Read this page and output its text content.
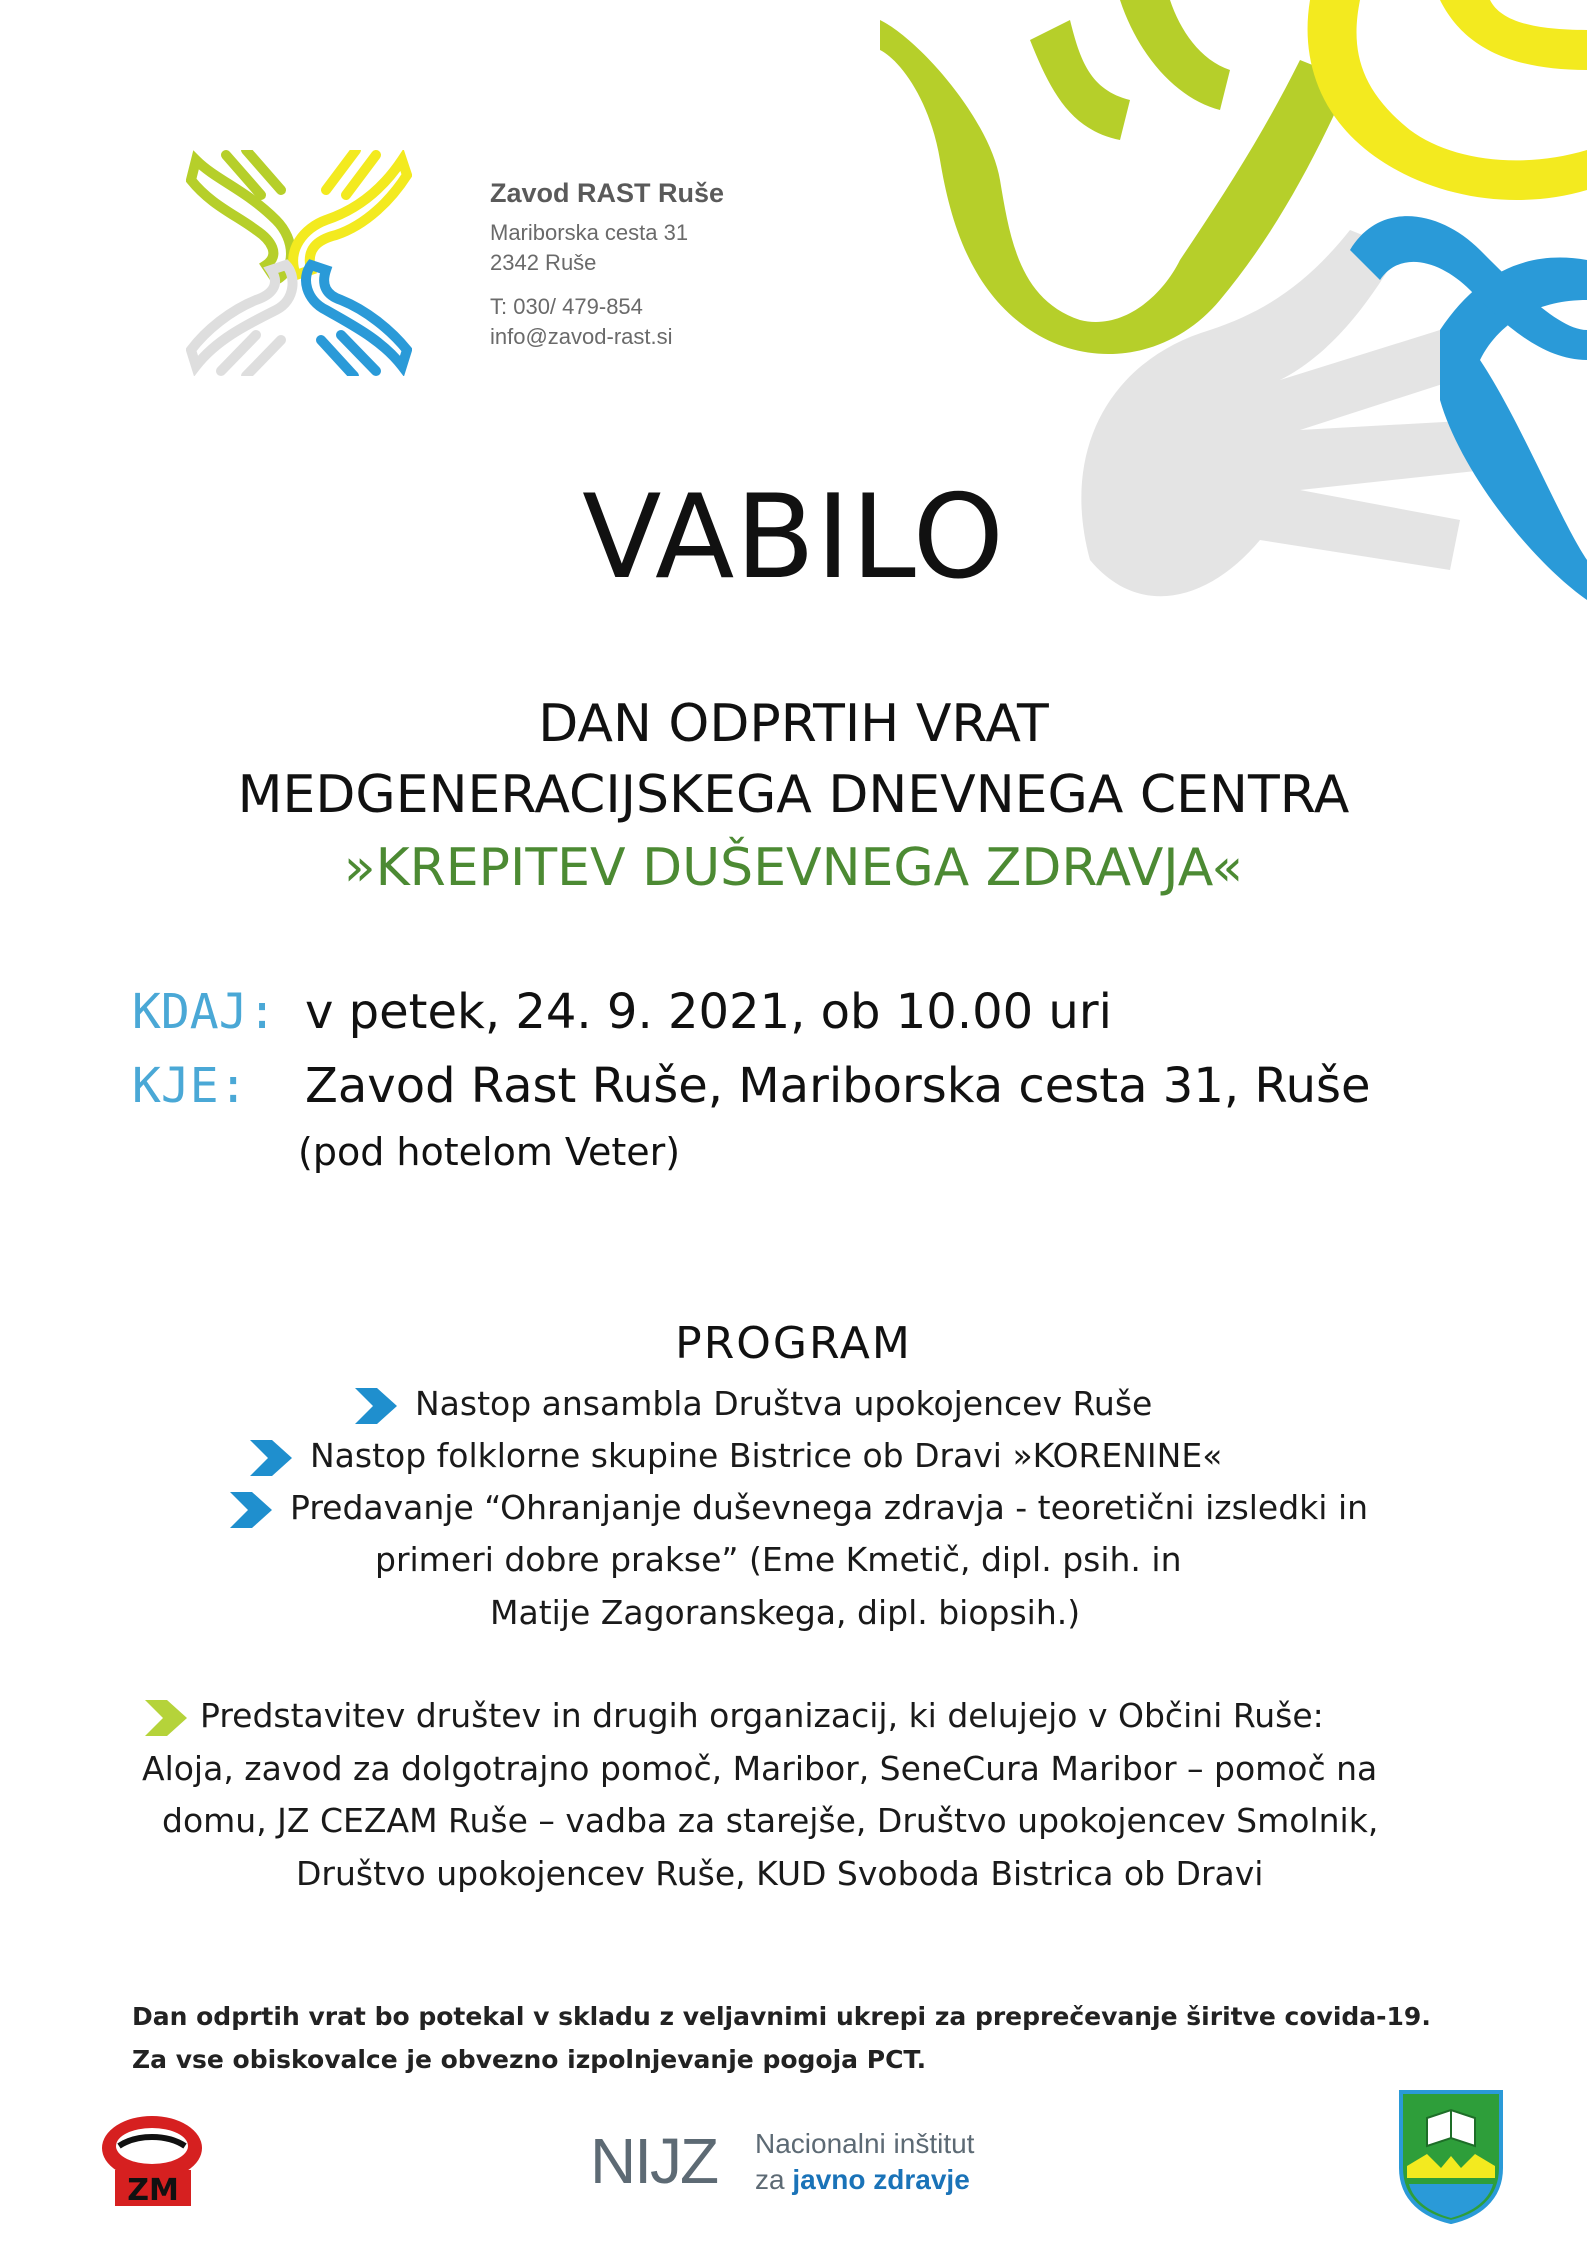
Zavod RAST Ruše
Mariborska cesta 31
2342 Ruše
T: 030/ 479-854
info@zavod-rast.si
VABILO
DAN ODPRTIH VRAT
MEDGENERACIJSKEGA DNEVNEGA CENTRA
»KREPITEV DUŠEVNEGA ZDRAVJA«
KDAJ: v petek, 24. 9. 2021, ob 10.00 uri
KJE: Zavod Rast Ruše, Mariborska cesta 31, Ruše
(pod hotelom Veter)
PROGRAM
Nastop ansambla Društva upokojencev Ruše
Nastop folklorne skupine Bistrice ob Dravi »KORENINE«
Predavanje “Ohranjanje duševnega zdravja - teoretični izsledki in
primeri dobre prakse” (Eme Kmetič, dipl. psih. in
Matije Zagoranskega, dipl. biopsih.)
Predstavitev društev in drugih organizacij, ki delujejo v Občini Ruše:
Aloja, zavod za dolgotrajno pomoč, Maribor, SeneCura Maribor – pomoč na
domu, JZ CEZAM Ruše – vadba za starejše, Društvo upokojencev Smolnik,
Društvo upokojencev Ruše, KUD Svoboda Bistrica ob Dravi
Dan odprtih vrat bo potekal v skladu z veljavnimi ukrepi za preprečevanje širitve covida-19.
Za vse obiskovalce je obvezno izpolnjevanje pogoja PCT.
ZM	NIJZ Nacionalni inštitut
za javno zdravje
